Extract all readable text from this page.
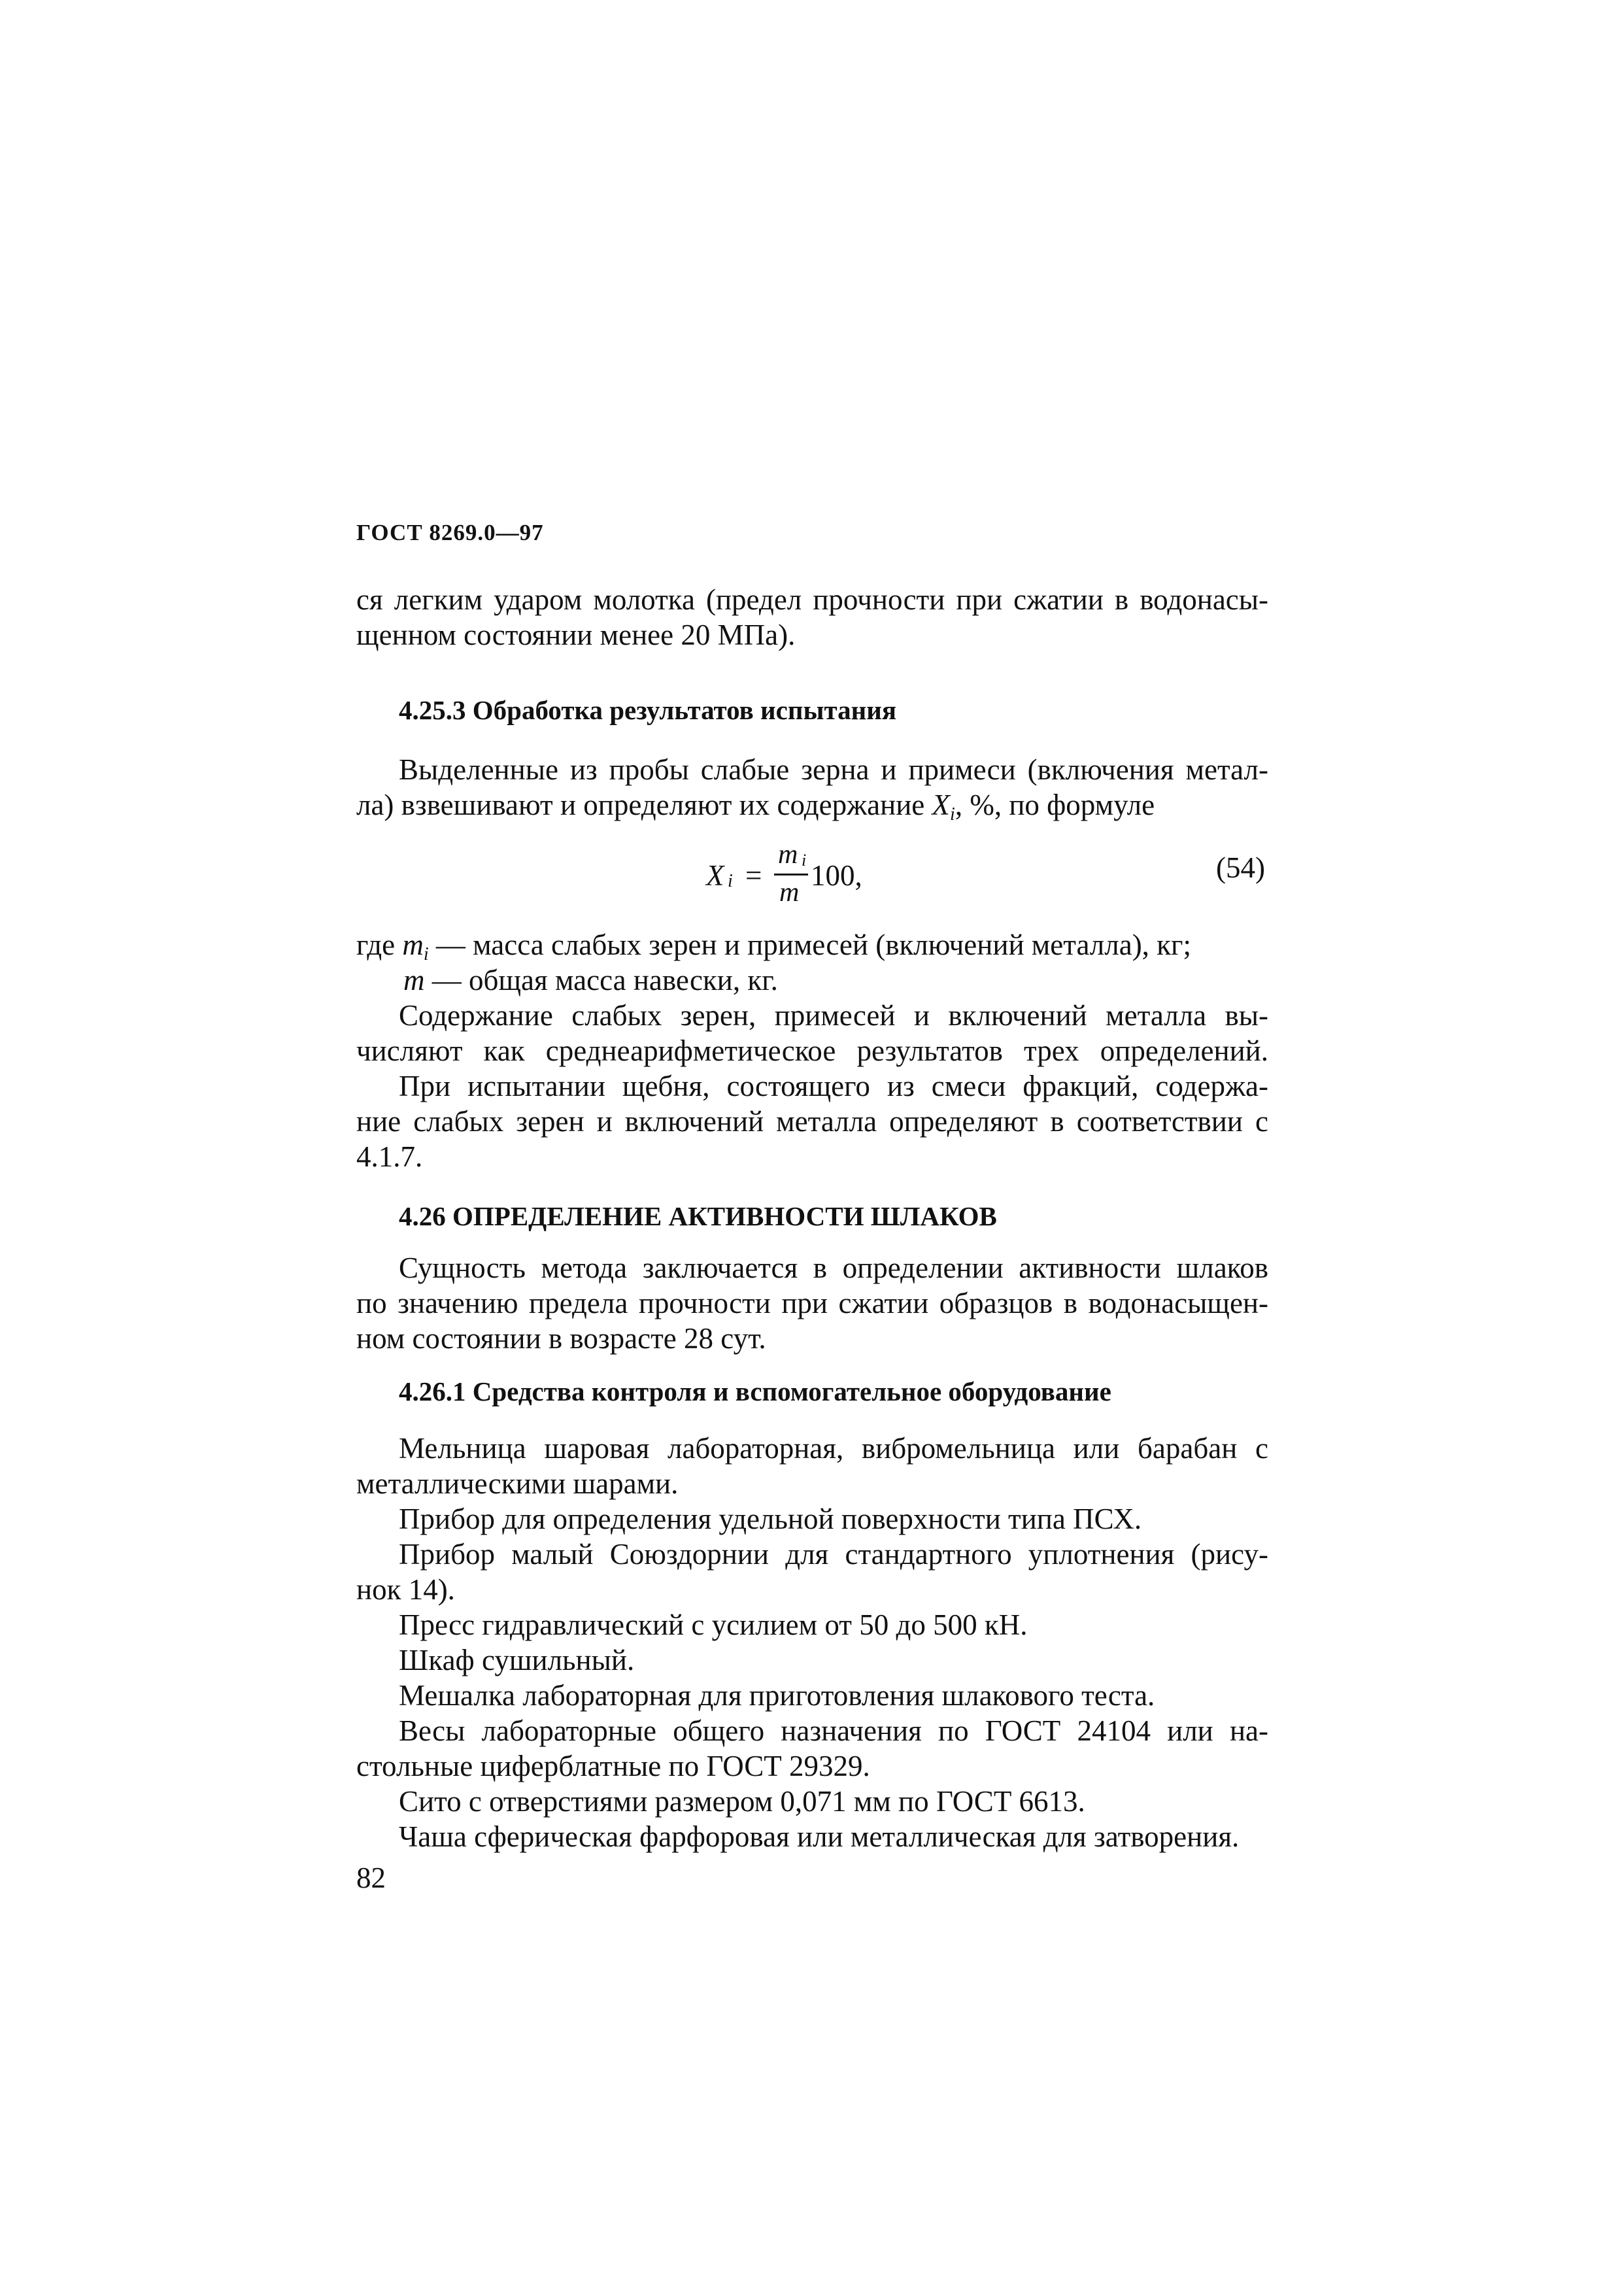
ГОСТ 8269.0—97
ся легким ударом молотка (предел прочности при сжатии в водонасы-
щенном состоянии менее 20 МПа).
4.25.3 Обработка результатов испытания
Выделенные из пробы слабые зерна и примеси (включения метал-
ла) взвешивают и определяют их содержание $X_i$, %, по формуле
X i =
m i
m
100,	(54)
где $m_i$ — масса слабых зерен и примесей (включений металла), кг;
m — общая масса навески, кг.
Содержание слабых зерен, примесей и включений металла вы-
числяют как среднеарифметическое результатов трех определений.
При испытании щебня, состоящего из смеси фракций, содержа-
ние слабых зерен и включений металла определяют в соответствии с
4.1.7.
4.26 ОПРЕДЕЛЕНИЕ АКТИВНОСТИ ШЛАКОВ
Сущность метода заключается в определении активности шлаков
по значению предела прочности при сжатии образцов в водонасыщен-
ном состоянии в возрасте 28 сут.
4.26.1 Средства контроля и вспомогательное оборудование
Мельница шаровая лабораторная, вибромельница или барабан с
металлическими шарами.
Прибор для определения удельной поверхности типа ПСХ.
Прибор малый Союздорнии для стандартного уплотнения (рису-
нок 14).
Пресс гидравлический с усилием от 50 до 500 кН.
Шкаф сушильный.
Мешалка лабораторная для приготовления шлакового теста.
Весы лабораторные общего назначения по ГОСТ 24104 или на-
стольные циферблатные по ГОСТ 29329.
Сито с отверстиями размером 0,071 мм по ГОСТ 6613.
Чаша сферическая фарфоровая или металлическая для затворения.
82
